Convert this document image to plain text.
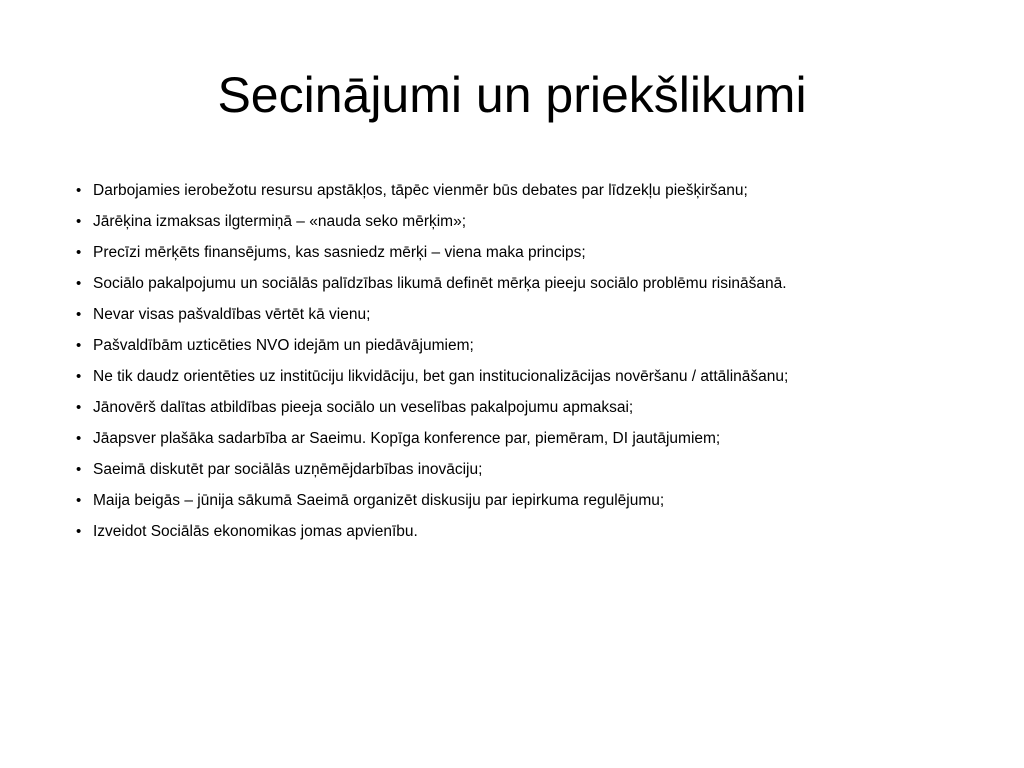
Secinājumi un priekšlikumi
• Darbojamies ierobežotu resursu apstākļos, tāpēc vienmēr būs debates par līdzekļu piešķiršanu;
• Jārēķina izmaksas ilgtermiņā – «nauda seko mērķim»;
• Precīzi mērķēts finansējums, kas sasniedz mērķi – viena maka princips;
• Sociālo pakalpojumu un sociālās palīdzības likumā definēt mērķa pieeju sociālo problēmu risināšanā.
• Nevar visas pašvaldības vērtēt kā vienu;
• Pašvaldībām uzticēties NVO idejām un piedāvājumiem;
• Ne tik daudz orientēties uz institūciju likvidāciju, bet gan institucionalizācijas novēršanu / attālināšanu;
• Jānovērš dalītas atbildības pieeja sociālo un veselības pakalpojumu apmaksai;
• Jāapsver plašāka sadarbība ar Saeimu. Kopīga konference par, piemēram, DI jautājumiem;
• Saeimā diskutēt par sociālās uzņēmējdarbības inovāciju;
• Maija beigās – jūnija sākumā Saeimā organizēt diskusiju par iepirkuma regulējumu;
• Izveidot Sociālās ekonomikas jomas apvienību.
